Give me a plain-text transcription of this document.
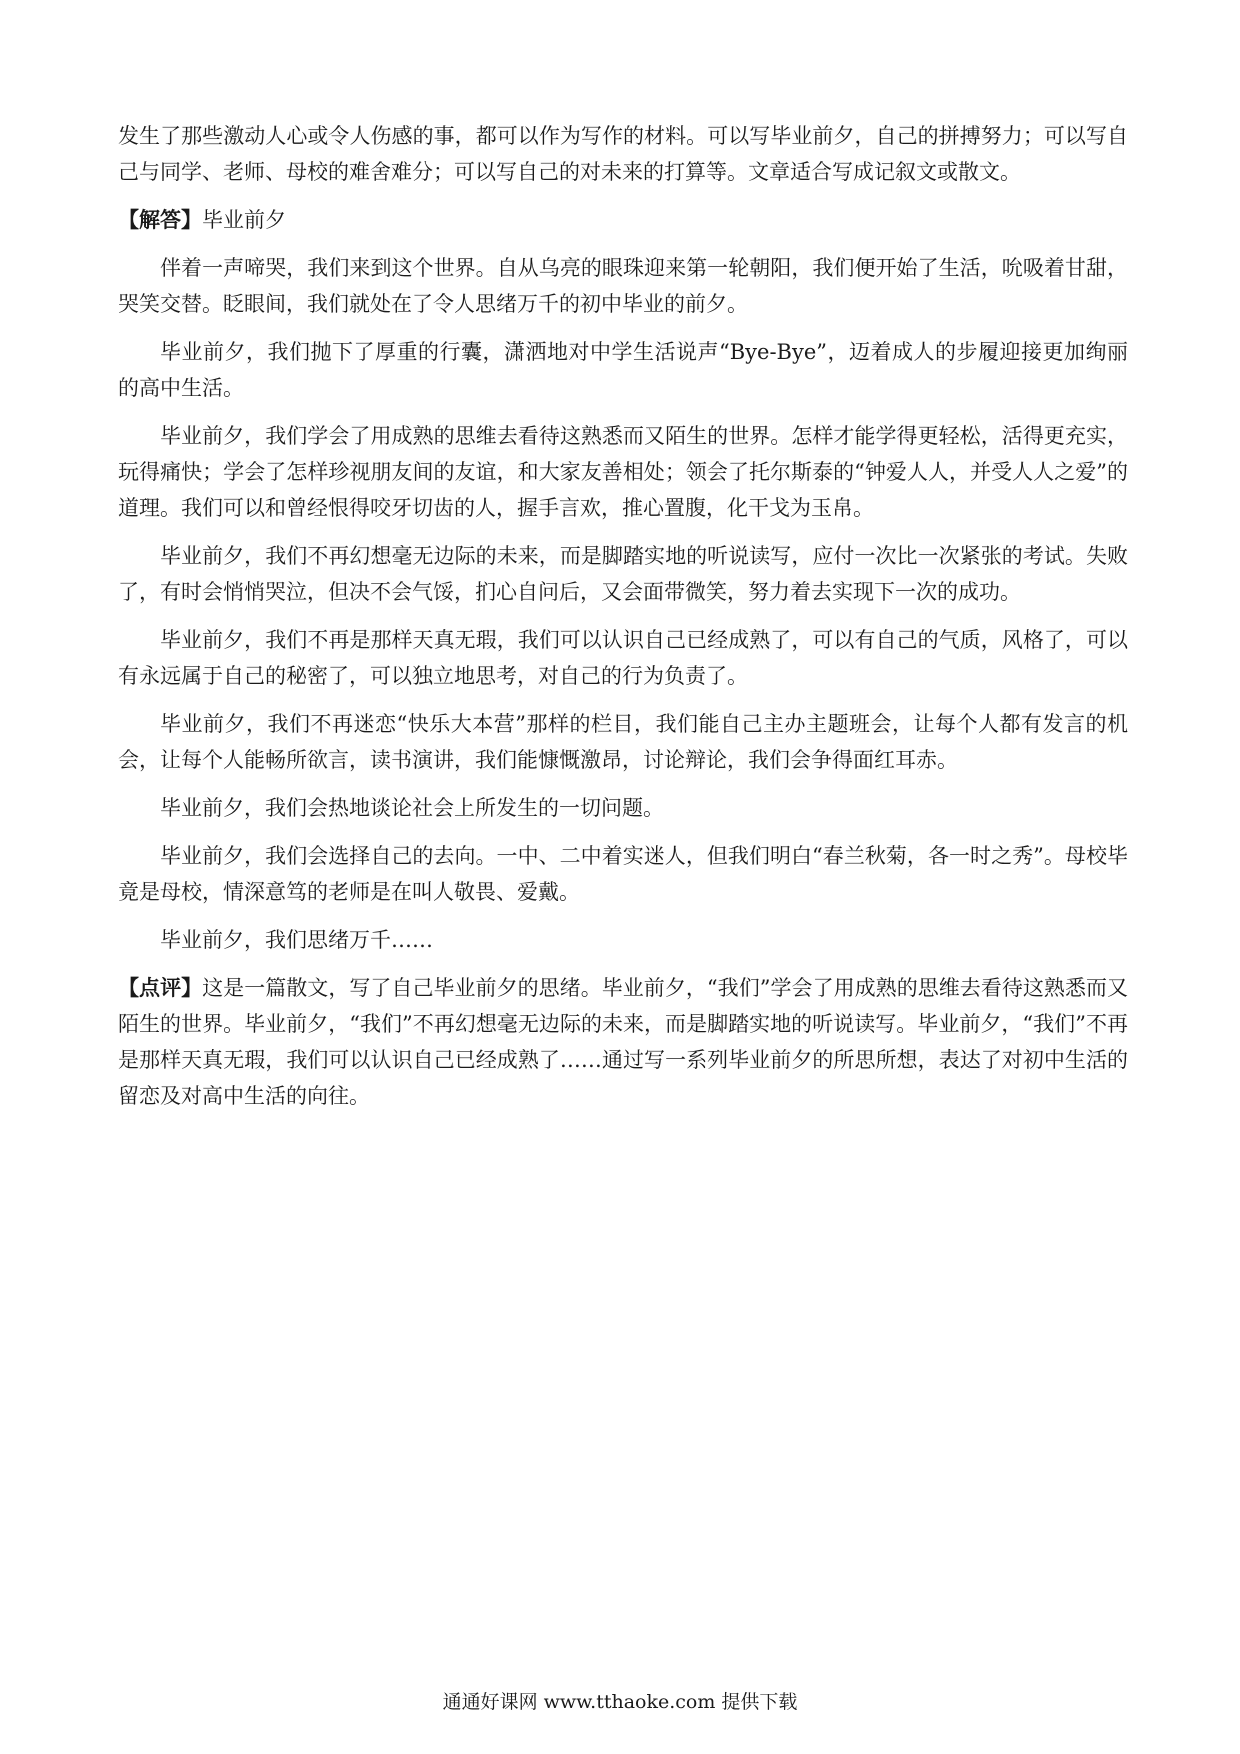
发生了那些激动人心或令人伤感的事，都可以作为写作的材料。可以写毕业前夕，自己的拼搏努力；可以写自己与同学、老师、母校的难舍难分；可以写自己的对未来的打算等。文章适合写成记叙文或散文。

【解答】毕业前夕

伴着一声啼哭，我们来到这个世界。自从乌亮的眼珠迎来第一轮朝阳，我们便开始了生活，吮吸着甘甜，哭笑交替。眨眼间，我们就处在了令人思绪万千的初中毕业的前夕。

毕业前夕，我们抛下了厚重的行囊，潇洒地对中学生活说声“Bye-Bye”，迈着成人的步履迎接更加绚丽的高中生活。

毕业前夕，我们学会了用成熟的思维去看待这熟悉而又陌生的世界。怎样才能学得更轻松，活得更充实，玩得痛快；学会了怎样珍视朋友间的友谊，和大家友善相处；领会了托尔斯泰的“钟爱人人，并受人人之爱”的道理。我们可以和曾经恨得咬牙切齿的人，握手言欢，推心置腹，化干戈为玉帛。

毕业前夕，我们不再幻想毫无边际的未来，而是脚踏实地的听说读写，应付一次比一次紧张的考试。失败了，有时会悄悄哭泣，但决不会气馁，扪心自问后，又会面带微笑，努力着去实现下一次的成功。

毕业前夕，我们不再是那样天真无瑕，我们可以认识自己已经成熟了，可以有自己的气质，风格了，可以有永远属于自己的秘密了，可以独立地思考，对自己的行为负责了。

毕业前夕，我们不再迷恋“快乐大本营”那样的栏目，我们能自己主办主题班会，让每个人都有发言的机会，让每个人能畅所欲言，读书演讲，我们能慷慨激昂，讨论辩论，我们会争得面红耳赤。

毕业前夕，我们会热地谈论社会上所发生的一切问题。

毕业前夕，我们会选择自己的去向。一中、二中着实迷人，但我们明白“春兰秋菊，各一时之秀”。母校毕竟是母校，情深意笃的老师是在叫人敬畏、爱戴。

毕业前夕，我们思绪万千……

【点评】这是一篇散文，写了自己毕业前夕的思绪。毕业前夕，“我们”学会了用成熟的思维去看待这熟悉而又陌生的世界。毕业前夕，“我们”不再幻想毫无边际的未来，而是脚踏实地的听说读写。毕业前夕，“我们”不再是那样天真无瑕，我们可以认识自己已经成熟了……通过写一系列毕业前夕的所思所想，表达了对初中生活的留恋及对高中生活的向往。

通通好课网 www.tthaoke.com 提供下载
